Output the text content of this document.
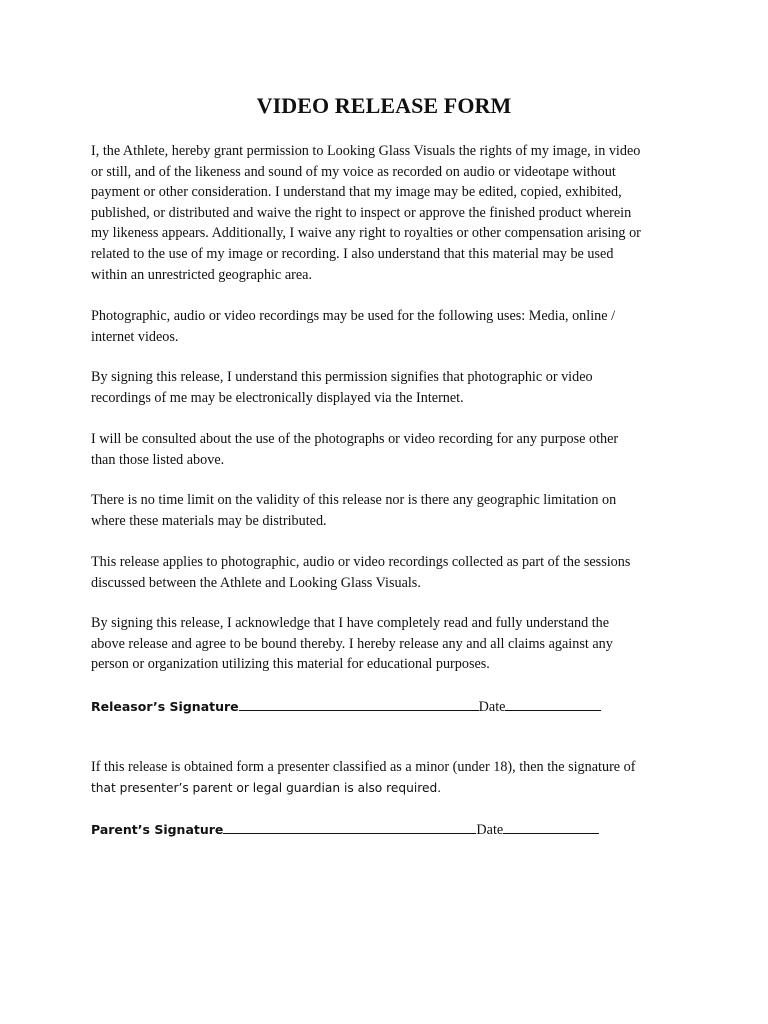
VIDEO RELEASE FORM

I, the Athlete, hereby grant permission to Looking Glass Visuals the rights of my image, in video
or still, and of the likeness and sound of my voice as recorded on audio or videotape without
payment or other consideration. I understand that my image may be edited, copied, exhibited,
published, or distributed and waive the right to inspect or approve the finished product wherein
my likeness appears. Additionally, I waive any right to royalties or other compensation arising or
related to the use of my image or recording. I also understand that this material may be used
within an unrestricted geographic area.

Photographic, audio or video recordings may be used for the following uses: Media, online /
internet videos.

By signing this release, I understand this permission signifies that photographic or video
recordings of me may be electronically displayed via the Internet.

I will be consulted about the use of the photographs or video recording for any purpose other
than those listed above.

There is no time limit on the validity of this release nor is there any geographic limitation on
where these materials may be distributed.

This release applies to photographic, audio or video recordings collected as part of the sessions
discussed between the Athlete and Looking Glass Visuals.

By signing this release, I acknowledge that I have completely read and fully understand the
above release and agree to be bound thereby. I hereby release any and all claims against any
person or organization utilizing this material for educational purposes.

Releasor’s Signature	Date

If this release is obtained form a presenter classified as a minor (under 18), then the signature of
that presenter’s parent or legal guardian is also required.

Parent’s Signature	Date
